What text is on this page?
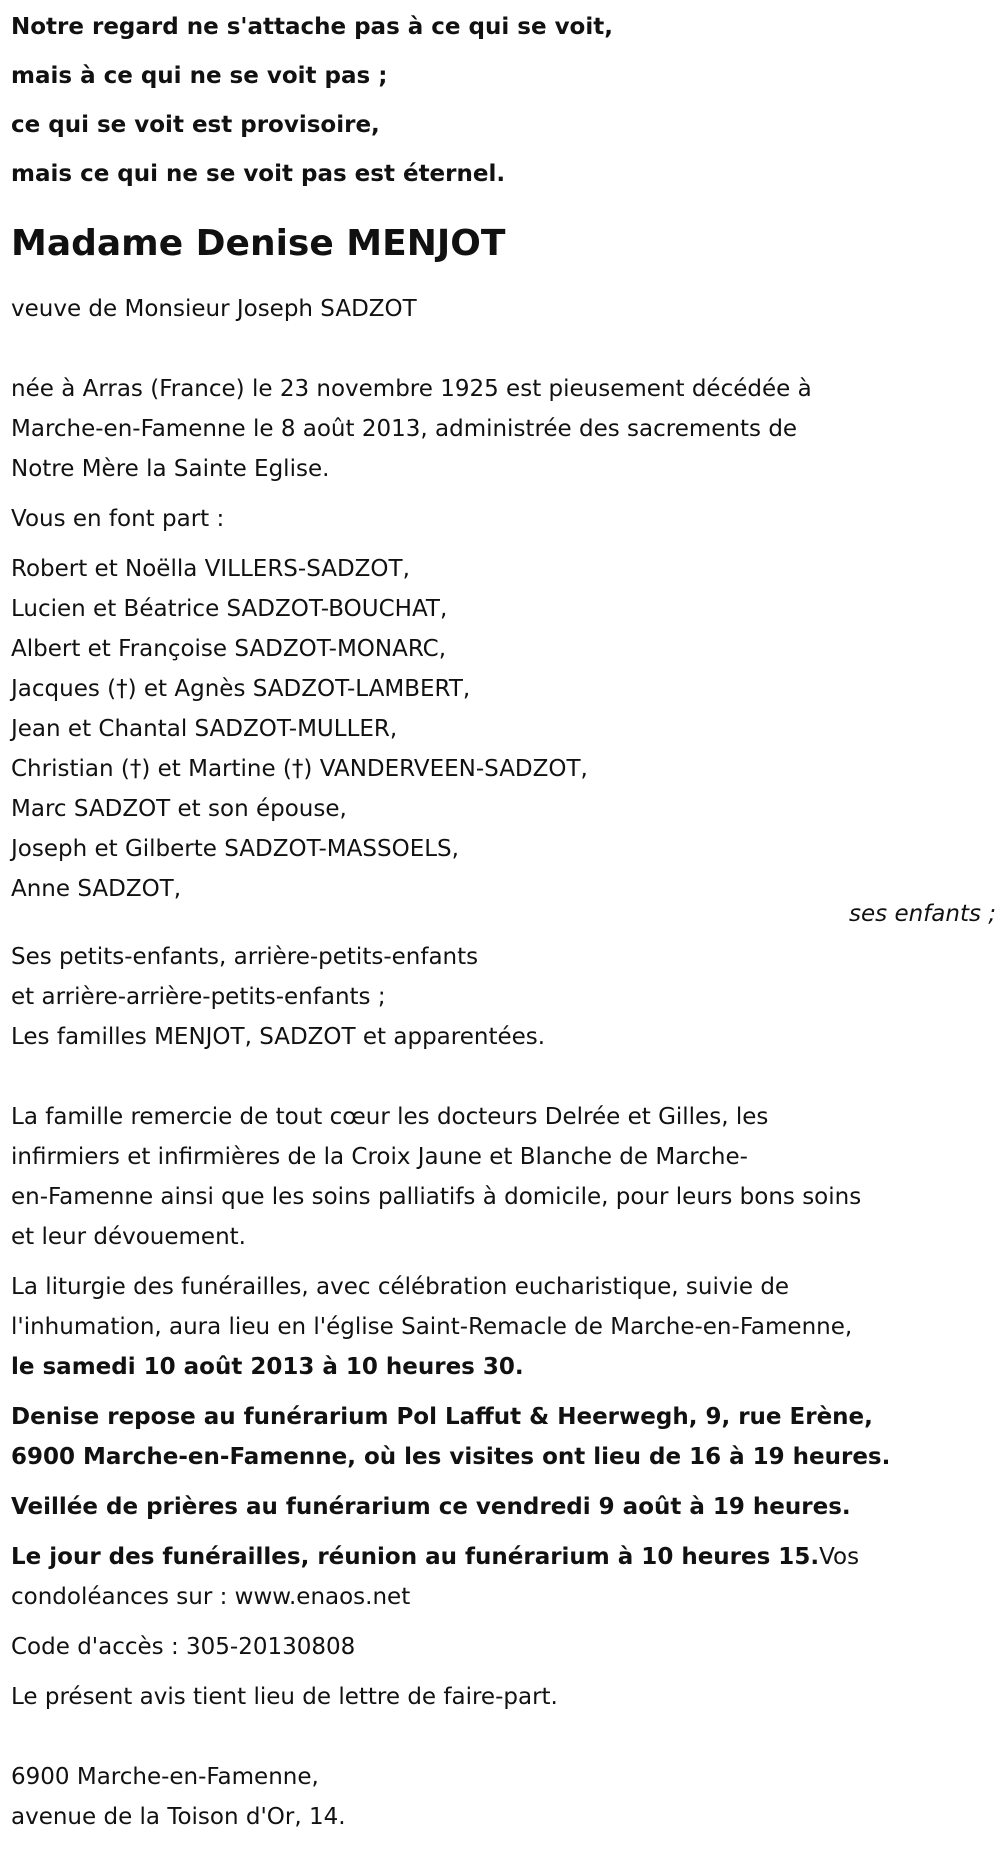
Notre regard ne s'attache pas à ce qui se voit,
mais à ce qui ne se voit pas ;
ce qui se voit est provisoire,
mais ce qui ne se voit pas est éternel.
Madame Denise MENJOT
veuve de Monsieur Joseph SADZOT
née à Arras (France) le 23 novembre 1925 est pieusement décédée à
Marche-en-Famenne le 8 août 2013, administrée des sacrements de
Notre Mère la Sainte Eglise.
Vous en font part :
Robert et Noëlla VILLERS-SADZOT,
Lucien et Béatrice SADZOT-BOUCHAT,
Albert et Françoise SADZOT-MONARC,
Jacques (†) et Agnès SADZOT-LAMBERT,
Jean et Chantal SADZOT-MULLER,
Christian (†) et Martine (†) VANDERVEEN-SADZOT,
Marc SADZOT et son épouse,
Joseph et Gilberte SADZOT-MASSOELS,
Anne SADZOT,
ses enfants ;
Ses petits-enfants, arrière-petits-enfants
et arrière-arrière-petits-enfants ;
Les familles MENJOT, SADZOT et apparentées.
La famille remercie de tout cœur les docteurs Delrée et Gilles, les
infirmiers et infirmières de la Croix Jaune et Blanche de Marche-
en-Famenne ainsi que les soins palliatifs à domicile, pour leurs bons soins
et leur dévouement.
La liturgie des funérailles, avec célébration eucharistique, suivie de
l'inhumation, aura lieu en l'église Saint-Remacle de Marche-en-Famenne,
le samedi 10 août 2013 à 10 heures 30.
Denise repose au funérarium Pol Laffut & Heerwegh, 9, rue Erène,
6900 Marche-en-Famenne, où les visites ont lieu de 16 à 19 heures.
Veillée de prières au funérarium ce vendredi 9 août à 19 heures.
Le jour des funérailles, réunion au funérarium à 10 heures 15.Vos
condoléances sur : www.enaos.net
Code d'accès : 305-20130808
Le présent avis tient lieu de lettre de faire-part.
6900 Marche-en-Famenne,
avenue de la Toison d'Or, 14.
